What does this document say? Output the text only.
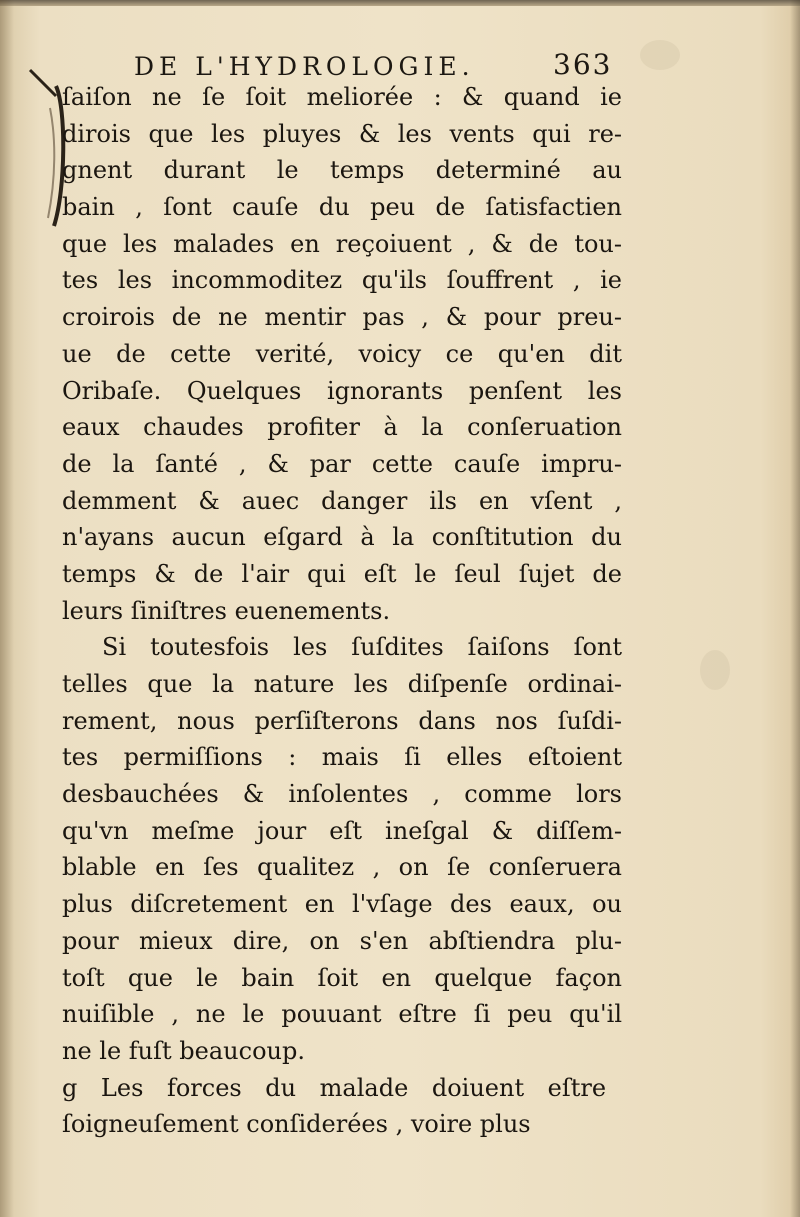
DE L'HYDROLOGIE.	363
ſaiſon ne ſe ſoit meliorée : & quand ie
dirois que les pluyes & les vents qui re-
gnent durant le temps determiné au
bain , ſont cauſe du peu de ſatisfactien
que les malades en reçoiuent , & de tou-
tes les incommoditez qu'ils ſouffrent , ie
croirois de ne mentir pas , & pour preu-
ue de cette verité, voicy ce qu'en dit
Oribaſe. Quelques ignorants penſent les
eaux chaudes profiter à la conſeruation
de la ſanté , & par cette cauſe impru-
demment & auec danger ils en vſent ,
n'ayans aucun eſgard à la conſtitution du
temps & de l'air qui eſt le ſeul ſujet de
leurs ſiniſtres euenements.
Si toutesfois les ſuſdites ſaiſons ſont
telles que la nature les diſpenſe ordinai-
rement, nous perſiſterons dans nos ſuſdi-
tes permiſſions : mais ſi elles eſtoient
desbauchées & inſolentes , comme lors
qu'vn meſme jour eſt ineſgal & diſſem-
blable en ſes qualitez , on ſe conſeruera
plus diſcretement en l'vſage des eaux, ou
pour mieux dire, on s'en abſtiendra plu-
toſt que le bain ſoit en quelque façon
nuiſible , ne le pouuant eſtre ſi peu qu'il
ne le fuſt beaucoup.
g Les forces du malade doiuent eſtre
ſoigneuſement conſiderées , voire plus
